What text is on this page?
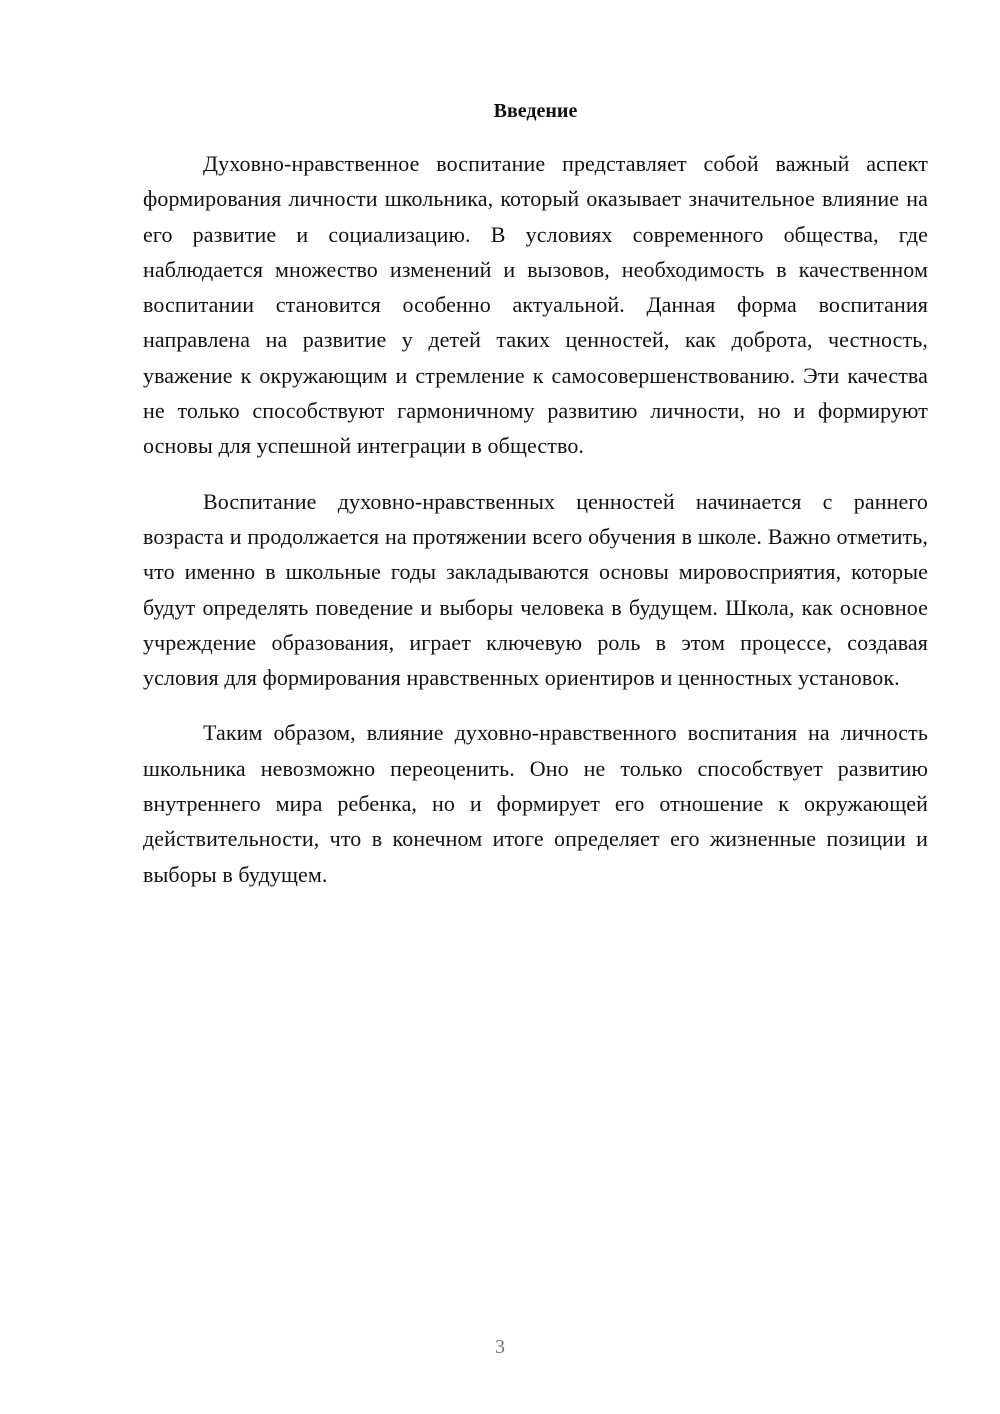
Введение

Духовно-нравственное воспитание представляет собой важный аспект формирования личности школьника, который оказывает значительное влияние на его развитие и социализацию. В условиях современного общества, где наблюдается множество изменений и вызовов, необходимость в качественном воспитании становится особенно актуальной. Данная форма воспитания направлена на развитие у детей таких ценностей, как доброта, честность, уважение к окружающим и стремление к самосовершенствованию. Эти качества не только способствуют гармоничному развитию личности, но и формируют основы для успешной интеграции в общество.

Воспитание духовно-нравственных ценностей начинается с раннего возраста и продолжается на протяжении всего обучения в школе. Важно отметить, что именно в школьные годы закладываются основы мировосприятия, которые будут определять поведение и выборы человека в будущем. Школа, как основное учреждение образования, играет ключевую роль в этом процессе, создавая условия для формирования нравственных ориентиров и ценностных установок.

Таким образом, влияние духовно-нравственного воспитания на личность школьника невозможно переоценить. Оно не только способствует развитию внутреннего мира ребенка, но и формирует его отношение к окружающей действительности, что в конечном итоге определяет его жизненные позиции и выборы в будущем.

3
